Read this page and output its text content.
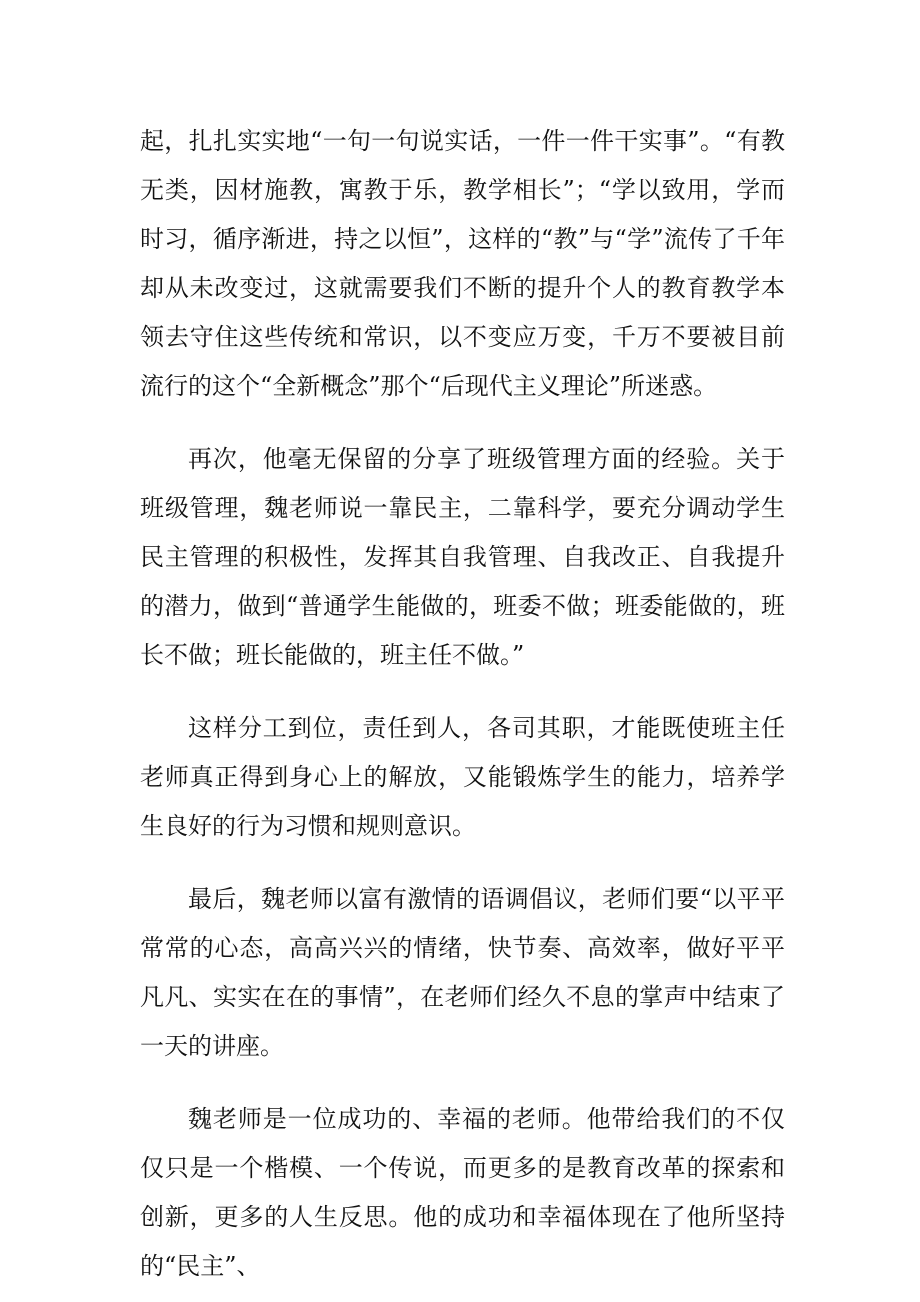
起，扎扎实实地“一句一句说实话，一件一件干实事”。“有教无类，因材施教，寓教于乐，教学相长”；“学以致用，学而时习，循序渐进，持之以恒”，这样的“教”与“学”流传了千年却从未改变过，这就需要我们不断的提升个人的教育教学本领去守住这些传统和常识，以不变应万变，千万不要被目前流行的这个“全新概念”那个“后现代主义理论”所迷惑。

再次，他毫无保留的分享了班级管理方面的经验。关于班级管理，魏老师说一靠民主，二靠科学，要充分调动学生民主管理的积极性，发挥其自我管理、自我改正、自我提升的潜力，做到“普通学生能做的，班委不做；班委能做的，班长不做；班长能做的，班主任不做。”

这样分工到位，责任到人，各司其职，才能既使班主任老师真正得到身心上的解放，又能锻炼学生的能力，培养学生良好的行为习惯和规则意识。

最后，魏老师以富有激情的语调倡议，老师们要“以平平常常的心态，高高兴兴的情绪，快节奏、高效率，做好平平凡凡、实实在在的事情”，在老师们经久不息的掌声中结束了一天的讲座。

魏老师是一位成功的、幸福的老师。他带给我们的不仅仅只是一个楷模、一个传说，而更多的是教育改革的探索和创新，更多的人生反思。他的成功和幸福体现在了他所坚持的“民主”、
